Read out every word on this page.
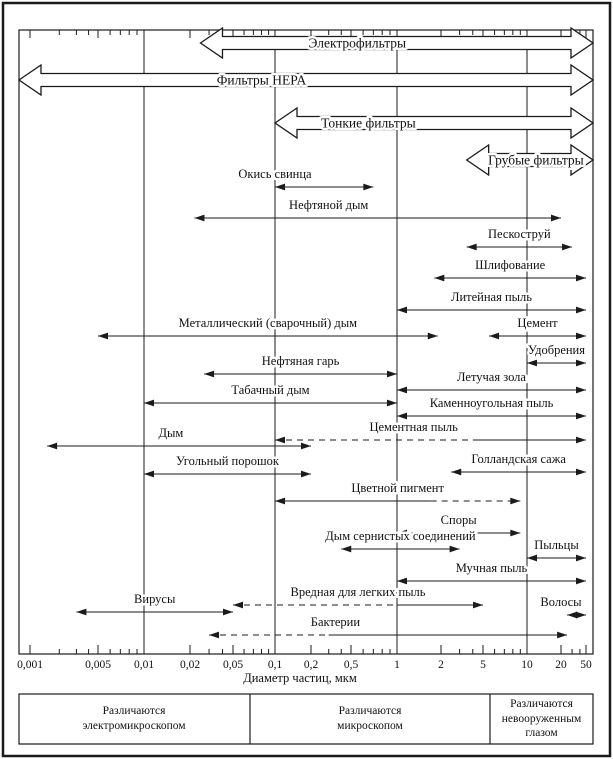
0,001	0,005 0,01 0,02 0,05 0,1 0,2 0,5	1	2	5	10 20 50
Электрофильтры
Фильтры HEPA
Тонкие фильтры
Грубые фильтры
Окись свинца
Нефтяной дым
Пескоструй
Шлифование
Литейная пыль
Металлический (сварочный) дым	Цемент
Удобрения
Нефтяная гарь
Летучая зола
Табачный дым
Каменноугольная пыль
Цементная пыль
Дым
Голландская сажа
Угольный порошок
Цветной пигмент
Споры
Дым сернистых соединений
Пыльцы
Мучная пыль
Вредная для легких пыль
Вирусы	Волосы
Бактерии
Диаметр частиц, мкм
Различаются электромикроскопом
Различаются микроскопом
Различаются невооруженным глазом
